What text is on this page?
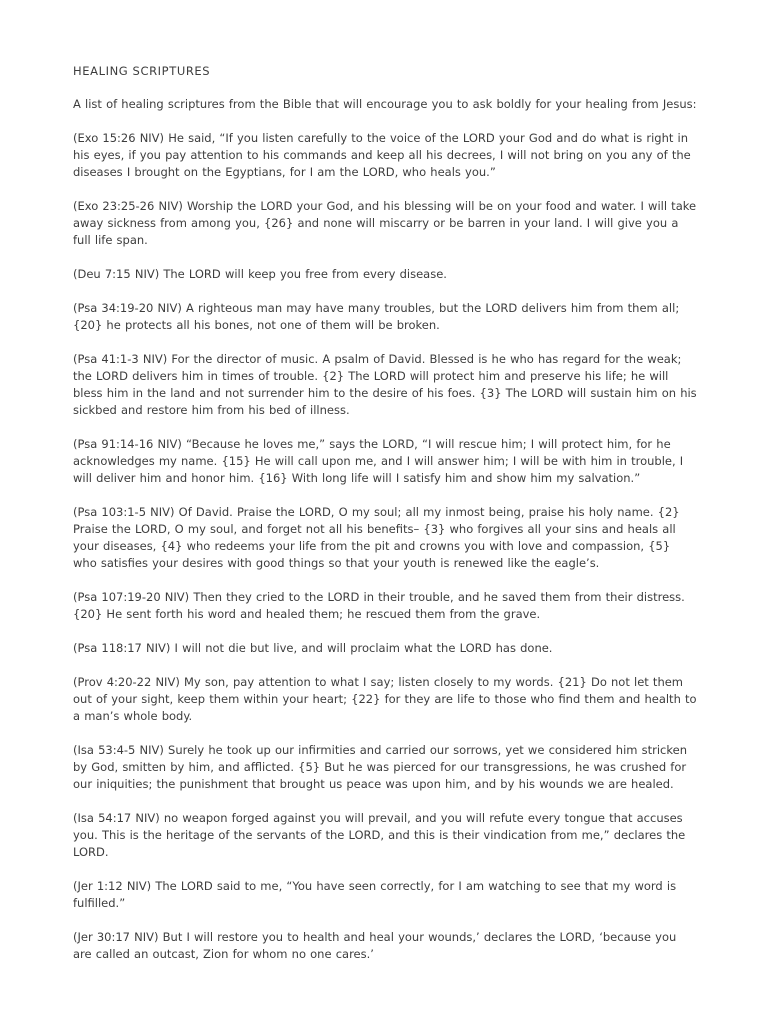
HEALING SCRIPTURES

A list of healing scriptures from the Bible that will encourage you to ask boldly for your healing from Jesus:

(Exo 15:26 NIV) He said, “If you listen carefully to the voice of the LORD your God and do what is right in his eyes, if you pay attention to his commands and keep all his decrees, I will not bring on you any of the diseases I brought on the Egyptians, for I am the LORD, who heals you.”

(Exo 23:25-26 NIV) Worship the LORD your God, and his blessing will be on your food and water. I will take away sickness from among you, {26} and none will miscarry or be barren in your land. I will give you a full life span.

(Deu 7:15 NIV) The LORD will keep you free from every disease.

(Psa 34:19-20 NIV) A righteous man may have many troubles, but the LORD delivers him from them all; {20} he protects all his bones, not one of them will be broken.

(Psa 41:1-3 NIV) For the director of music. A psalm of David. Blessed is he who has regard for the weak; the LORD delivers him in times of trouble. {2} The LORD will protect him and preserve his life; he will bless him in the land and not surrender him to the desire of his foes. {3} The LORD will sustain him on his sickbed and restore him from his bed of illness.

(Psa 91:14-16 NIV) “Because he loves me,” says the LORD, “I will rescue him; I will protect him, for he acknowledges my name. {15} He will call upon me, and I will answer him; I will be with him in trouble, I will deliver him and honor him. {16} With long life will I satisfy him and show him my salvation.”

(Psa 103:1-5 NIV) Of David. Praise the LORD, O my soul; all my inmost being, praise his holy name. {2} Praise the LORD, O my soul, and forget not all his benefits– {3} who forgives all your sins and heals all your diseases, {4} who redeems your life from the pit and crowns you with love and compassion, {5} who satisfies your desires with good things so that your youth is renewed like the eagle’s.

(Psa 107:19-20 NIV) Then they cried to the LORD in their trouble, and he saved them from their distress. {20} He sent forth his word and healed them; he rescued them from the grave.

(Psa 118:17 NIV) I will not die but live, and will proclaim what the LORD has done.

(Prov 4:20-22 NIV) My son, pay attention to what I say; listen closely to my words. {21} Do not let them out of your sight, keep them within your heart; {22} for they are life to those who find them and health to a man’s whole body.

(Isa 53:4-5 NIV) Surely he took up our infirmities and carried our sorrows, yet we considered him stricken by God, smitten by him, and afflicted. {5} But he was pierced for our transgressions, he was crushed for our iniquities; the punishment that brought us peace was upon him, and by his wounds we are healed.

(Isa 54:17 NIV) no weapon forged against you will prevail, and you will refute every tongue that accuses you. This is the heritage of the servants of the LORD, and this is their vindication from me,” declares the LORD.

(Jer 1:12 NIV) The LORD said to me, “You have seen correctly, for I am watching to see that my word is fulfilled.”

(Jer 30:17 NIV) But I will restore you to health and heal your wounds,’ declares the LORD, ‘because you are called an outcast, Zion for whom no one cares.’
